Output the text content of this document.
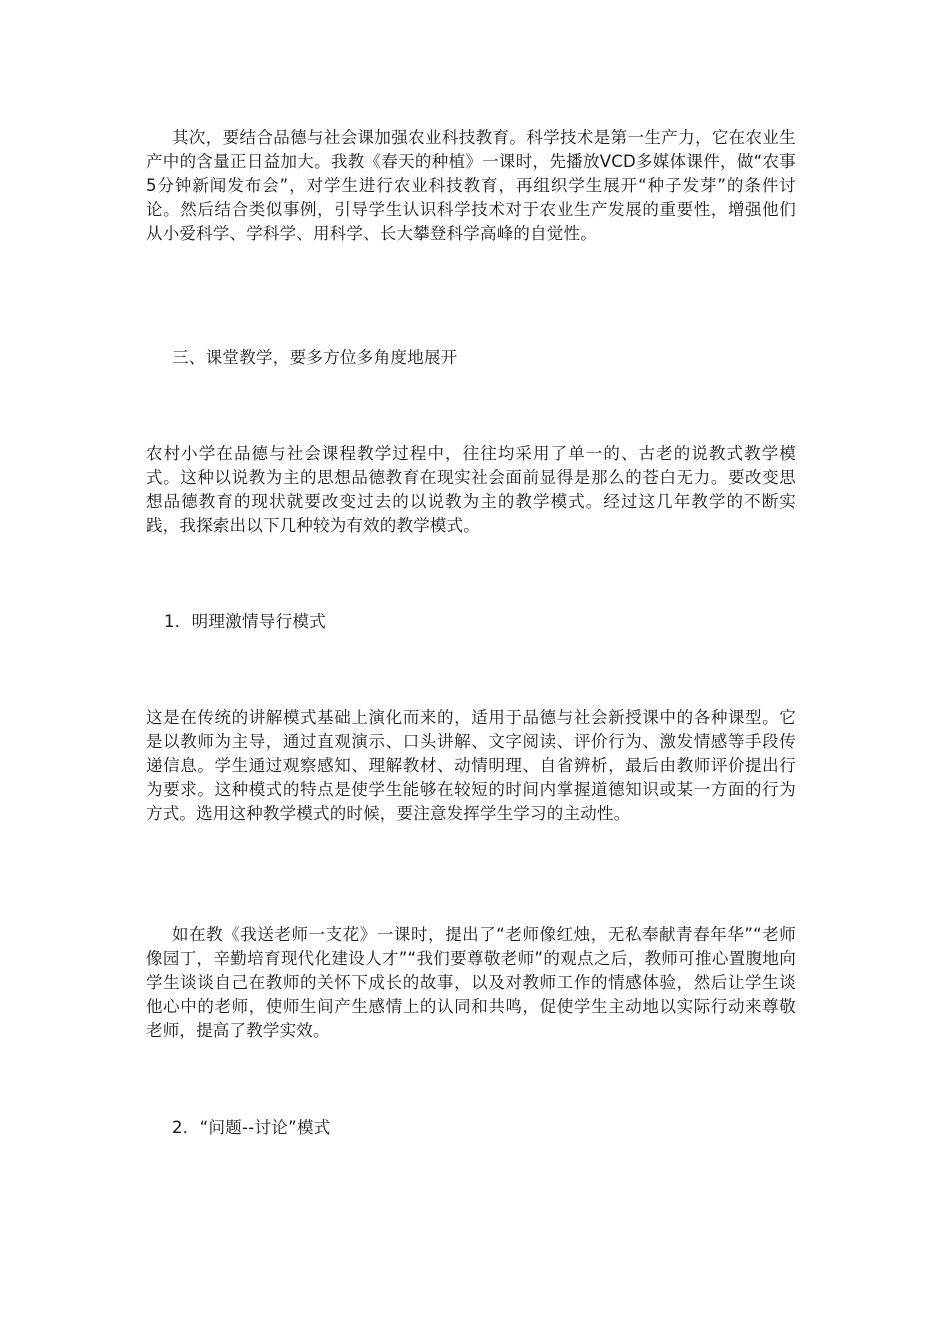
其次，要结合品德与社会课加强农业科技教育。科学技术是第一生产力，它在农业生产中的含量正日益加大。我教《春天的种植》一课时，先播放VCD多媒体课件，做“农事5分钟新闻发布会”，对学生进行农业科技教育，再组织学生展开“种子发芽”的条件讨论。然后结合类似事例，引导学生认识科学技术对于农业生产发展的重要性，增强他们从小爱科学、学科学、用科学、长大攀登科学高峰的自觉性。

三、课堂教学，要多方位多角度地展开

农村小学在品德与社会课程教学过程中，往往均采用了单一的、古老的说教式教学模式。这种以说教为主的思想品德教育在现实社会面前显得是那么的苍白无力。要改变思想品德教育的现状就要改变过去的以说教为主的教学模式。经过这几年教学的不断实践，我探索出以下几种较为有效的教学模式。

1．明理激情导行模式

这是在传统的讲解模式基础上演化而来的，适用于品德与社会新授课中的各种课型。它是以教师为主导，通过直观演示、口头讲解、文字阅读、评价行为、激发情感等手段传递信息。学生通过观察感知、理解教材、动情明理、自省辨析，最后由教师评价提出行为要求。这种模式的特点是使学生能够在较短的时间内掌握道德知识或某一方面的行为方式。选用这种教学模式的时候，要注意发挥学生学习的主动性。

如在教《我送老师一支花》一课时，提出了“老师像红烛，无私奉献青春年华”“老师像园丁，辛勤培育现代化建设人才”“我们要尊敬老师”的观点之后，教师可推心置腹地向学生谈谈自己在教师的关怀下成长的故事，以及对教师工作的情感体验，然后让学生谈他心中的老师，使师生间产生感情上的认同和共鸣，促使学生主动地以实际行动来尊敬老师，提高了教学实效。

2．“问题--讨论”模式
